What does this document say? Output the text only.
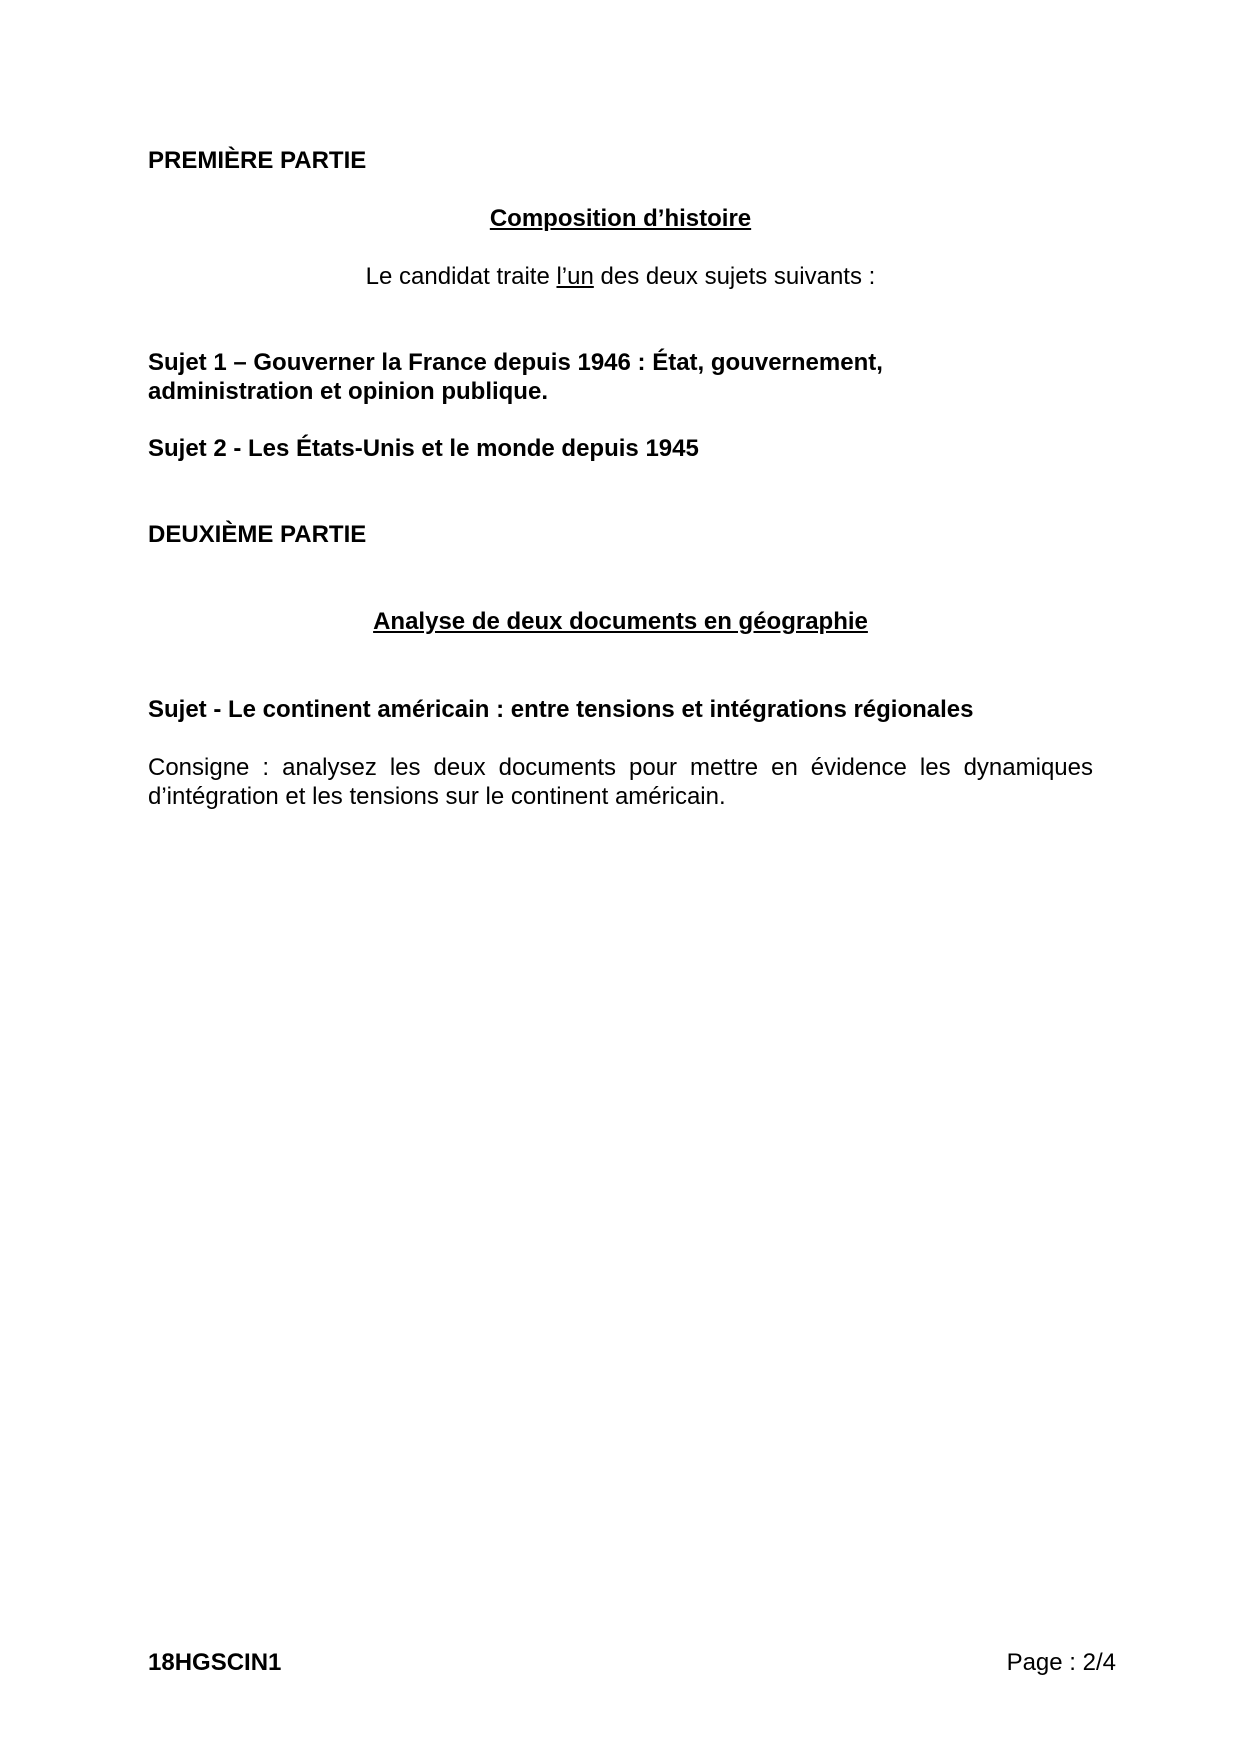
PREMIÈRE PARTIE
Composition d’histoire
Le candidat traite l’un des deux sujets suivants :
Sujet 1 – Gouverner la France depuis 1946 : État, gouvernement,
administration et opinion publique.
Sujet 2 - Les États-Unis et le monde depuis 1945
DEUXIÈME PARTIE
Analyse de deux documents en géographie
Sujet - Le continent américain : entre tensions et intégrations régionales
Consigne : analysez les deux documents pour mettre en évidence les dynamiques d’intégration et les tensions sur le continent américain.
18HGSCIN1	Page : 2/4
